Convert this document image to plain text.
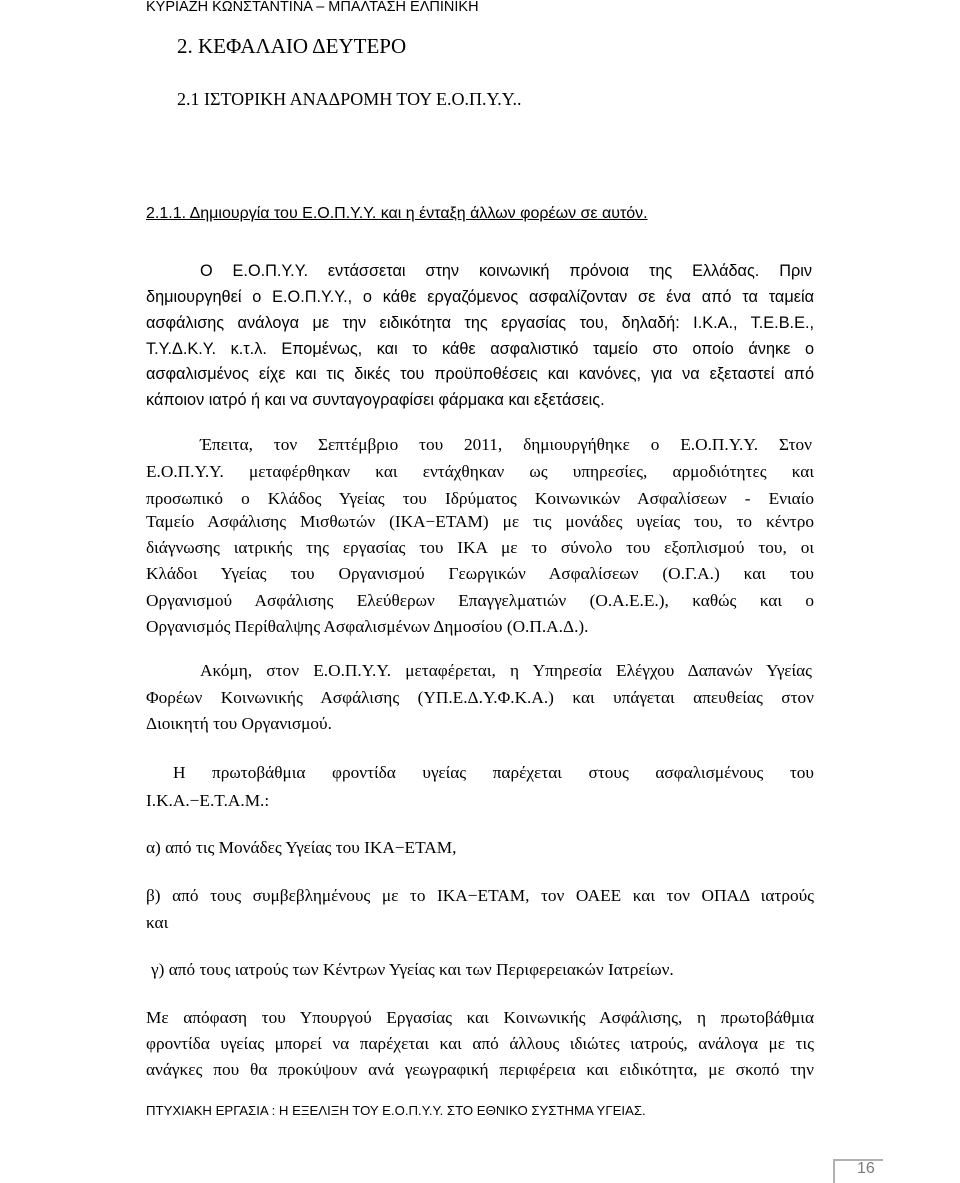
ΚΥΡΙΑΖΗ ΚΩΝΣΤΑΝΤΙΝΑ – ΜΠΑΛΤΑΣΗ ΕΛΠΙΝΙΚΗ
2. ΚΕΦΑΛΑΙΟ ΔΕΥΤΕΡΟ
2.1 ΙΣΤΟΡΙΚΗ ΑΝΑΔΡΟΜΗ ΤΟΥ Ε.Ο.Π.Υ.Υ..
2.1.1. Δημιουργία του Ε.Ο.Π.Υ.Υ. και η ένταξη άλλων φορέων σε αυτόν.
Ο Ε.Ο.Π.Υ.Υ. εντάσσεται στην κοινωνική πρόνοια της Ελλάδας. Πριν
δημιουργηθεί ο Ε.Ο.Π.Υ.Υ., ο κάθε εργαζόμενος ασφαλίζονταν σε ένα από τα ταμεία
ασφάλισης ανάλογα με την ειδικότητα της εργασίας του, δηλαδή: Ι.Κ.Α., Τ.Ε.Β.Ε.,
Τ.Υ.Δ.Κ.Υ. κ.τ.λ. Επομένως, και το κάθε ασφαλιστικό ταμείο στο οποίο άνηκε ο
ασφαλισμένος είχε και τις δικές του προϋποθέσεις και κανόνες, για να εξεταστεί από
κάποιον ιατρό ή και να συνταγογραφίσει φάρμακα και εξετάσεις.
Έπειτα, τον Σεπτέμβριο του 2011, δημιουργήθηκε ο Ε.Ο.Π.Υ.Υ. Στον
Ε.Ο.Π.Υ.Υ. μεταφέρθηκαν και εντάχθηκαν ως υπηρεσίες, αρμοδιότητες και
προσωπικό ο Κλάδος Υγείας του Ιδρύματος Κοινωνικών Ασφαλίσεων - Ενιαίο
Ταμείο Ασφάλισης Μισθωτών (ΙΚΑ−ΕΤΑΜ) με τις μονάδες υγείας του, το κέντρο
διάγνωσης ιατρικής της εργασίας του ΙΚΑ με το σύνολο του εξοπλισμού του, οι
Κλάδοι Υγείας του Οργανισμού Γεωργικών Ασφαλίσεων (Ο.Γ.Α.) και του
Οργανισμού Ασφάλισης Ελεύθερων Επαγγελματιών (Ο.Α.Ε.Ε.), καθώς και ο
Οργανισμός Περίθαλψης Ασφαλισμένων Δημοσίου (Ο.Π.Α.Δ.).
Ακόμη, στον Ε.Ο.Π.Υ.Υ. μεταφέρεται, η Υπηρεσία Ελέγχου Δαπανών Υγείας
Φορέων Κοινωνικής Ασφάλισης (ΥΠ.Ε.Δ.Υ.Φ.Κ.Α.) και υπάγεται απευθείας στον
Διοικητή του Οργανισμού.
Η πρωτοβάθμια φροντίδα υγείας παρέχεται στους ασφαλισμένους του
Ι.Κ.Α.−Ε.Τ.Α.Μ.:
α) από τις Μονάδες Υγείας του ΙΚΑ−ΕΤΑΜ,
β) από τους συμβεβλημένους με το ΙΚΑ−ΕΤΑΜ, τον ΟΑΕΕ και τον ΟΠΑΔ ιατρούς
και
γ) από τους ιατρούς των Κέντρων Υγείας και των Περιφερειακών Ιατρείων.
Με απόφαση του Υπουργού Εργασίας και Κοινωνικής Ασφάλισης, η πρωτοβάθμια
φροντίδα υγείας μπορεί να παρέχεται και από άλλους ιδιώτες ιατρούς, ανάλογα με τις
ανάγκες που θα προκύψουν ανά γεωγραφική περιφέρεια και ειδικότητα, με σκοπό την
ΠΤΥΧΙΑΚΗ ΕΡΓΑΣΙΑ : Η ΕΞΕΛΙΞΗ ΤΟΥ Ε.Ο.Π.Υ.Υ. ΣΤΟ ΕΘΝΙΚΟ ΣΥΣΤΗΜΑ ΥΓΕΙΑΣ.
16
